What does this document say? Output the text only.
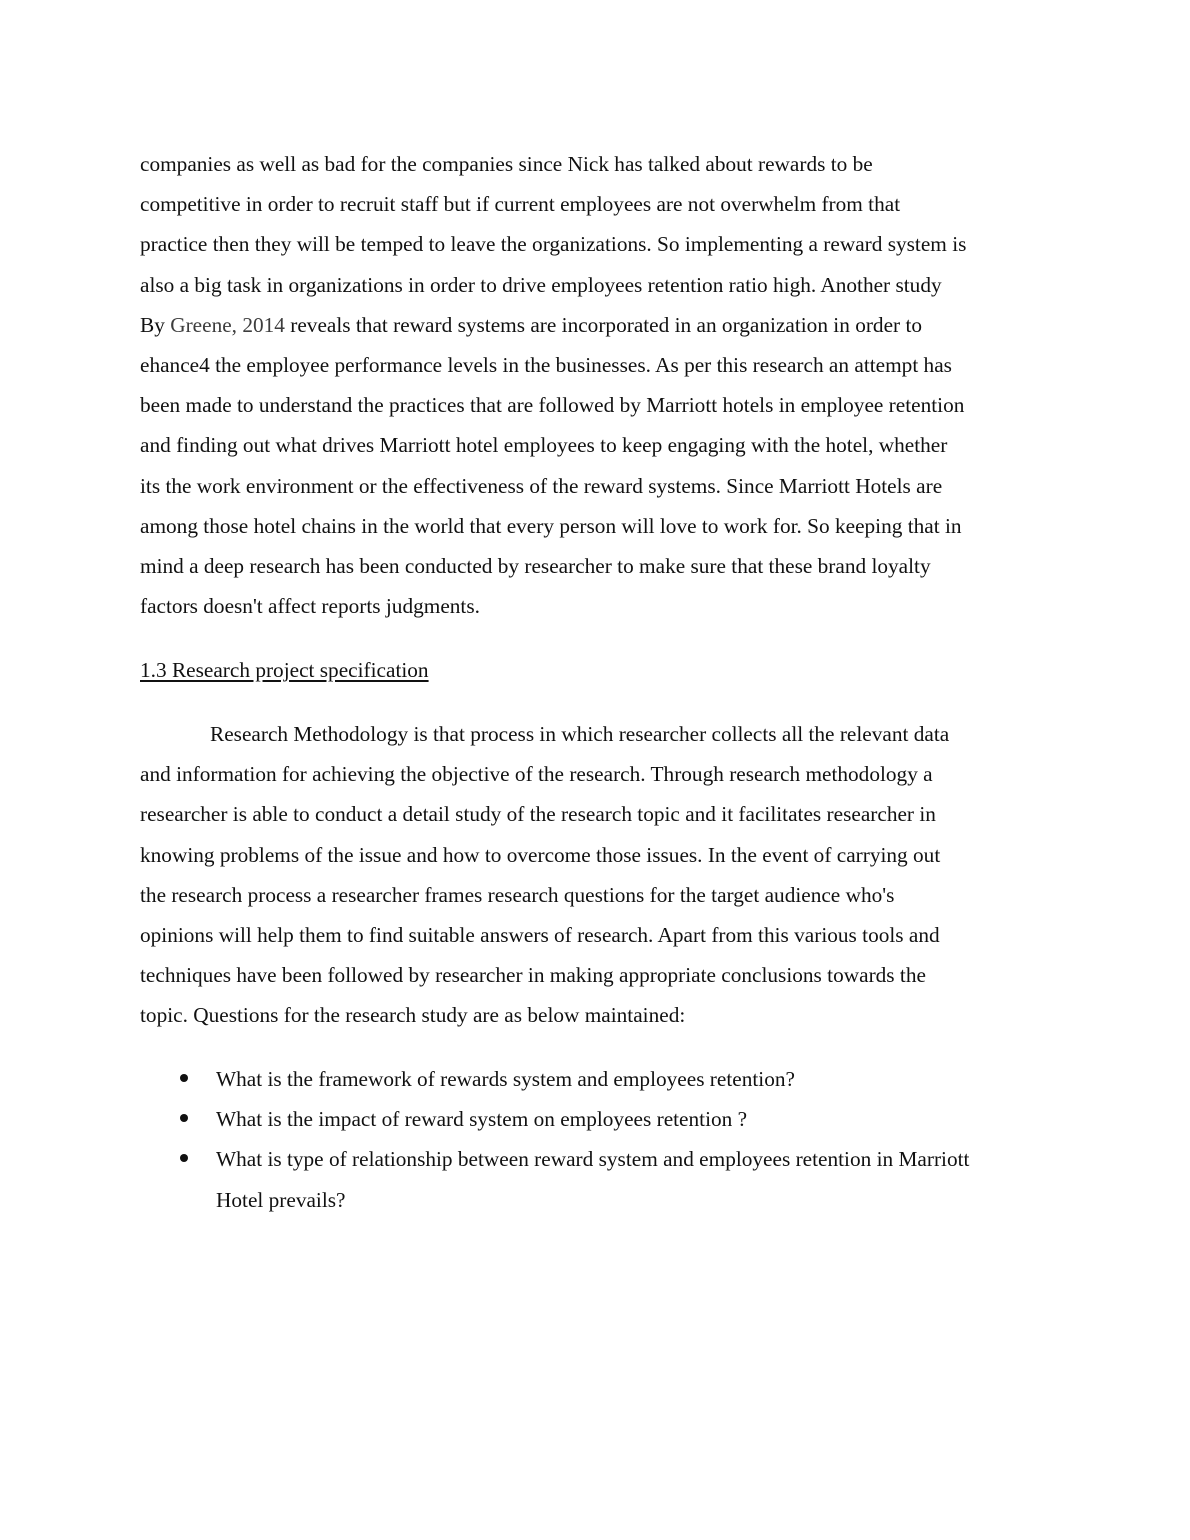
companies as well as bad for the companies since Nick has talked about rewards to be
competitive in order to recruit staff but if current employees are not overwhelm from that
practice then they will be temped to leave the organizations. So implementing a reward system is
also a big task in organizations in order to drive employees retention ratio high. Another study
By Greene, 2014 reveals that reward systems are incorporated in an organization in order to
ehance4 the employee performance levels in the businesses. As per this research an attempt has
been made to understand the practices that are followed by Marriott hotels in employee retention
and finding out what drives Marriott hotel employees to keep engaging with the hotel, whether
its the work environment or the effectiveness of the reward systems. Since Marriott Hotels are
among those hotel chains in the world that every person will love to work for. So keeping that in
mind a deep research has been conducted by researcher to make sure that these brand loyalty
factors doesn't affect reports judgments.
1.3 Research project specification
Research Methodology is that process in which researcher collects all the relevant data
and information for achieving the objective of the research. Through research methodology a
researcher is able to conduct a detail study of the research topic and it facilitates researcher in
knowing problems of the issue and how to overcome those issues. In the event of carrying out
the research process a researcher frames research questions for the target audience who's
opinions will help them to find suitable answers of research. Apart from this various tools and
techniques have been followed by researcher in making appropriate conclusions towards the
topic. Questions for the research study are as below maintained:
What is the framework of rewards system and employees retention?
What is the impact of reward system on employees retention ?
What is type of relationship between reward system and employees retention in Marriott
Hotel prevails?
